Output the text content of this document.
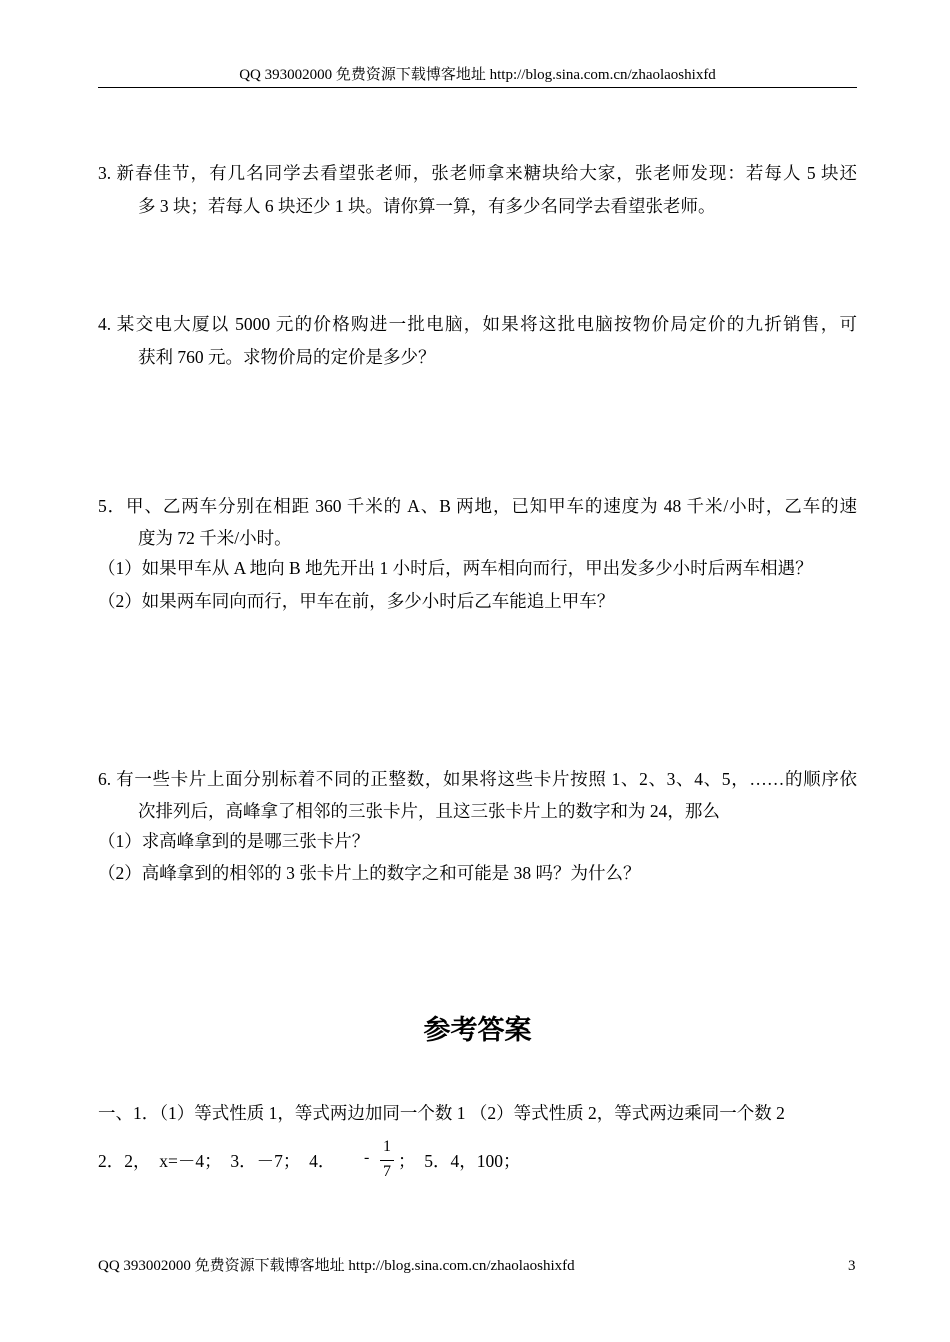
QQ 393002000 免费资源下载博客地址 http://blog.sina.com.cn/zhaolaoshixfd
3. 新春佳节，有几名同学去看望张老师，张老师拿来糖块给大家，张老师发现：若每人 5 块还
多 3 块；若每人 6 块还少 1 块。请你算一算，有多少名同学去看望张老师。
4. 某交电大厦以 5000 元的价格购进一批电脑，如果将这批电脑按物价局定价的九折销售，可
获利 760 元。求物价局的定价是多少？
5．甲、乙两车分别在相距 360 千米的 A、B 两地，已知甲车的速度为 48 千米/小时，乙车的速
度为 72 千米/小时。
（1）如果甲车从 A 地向 B 地先开出 1 小时后，两车相向而行，甲出发多少小时后两车相遇？
（2）如果两车同向而行，甲车在前，多少小时后乙车能追上甲车？
6. 有一些卡片上面分别标着不同的正整数，如果将这些卡片按照 1、2、3、4、5，……的顺序依
次排列后，高峰拿了相邻的三张卡片，且这三张卡片上的数字和为 24，那么
（1）求高峰拿到的是哪三张卡片？
（2）高峰拿到的相邻的 3 张卡片上的数字之和可能是 38 吗？为什么？
参考答案
一、1．（1）等式性质 1，等式两边加同一个数 1 （2）等式性质 2，等式两边乘同一个数 2
2．2，　x=－4；　3．－7；　4． -
1
7
；　5．4，100；
QQ 393002000 免费资源下载博客地址 http://blog.sina.com.cn/zhaolaoshixfd	3
